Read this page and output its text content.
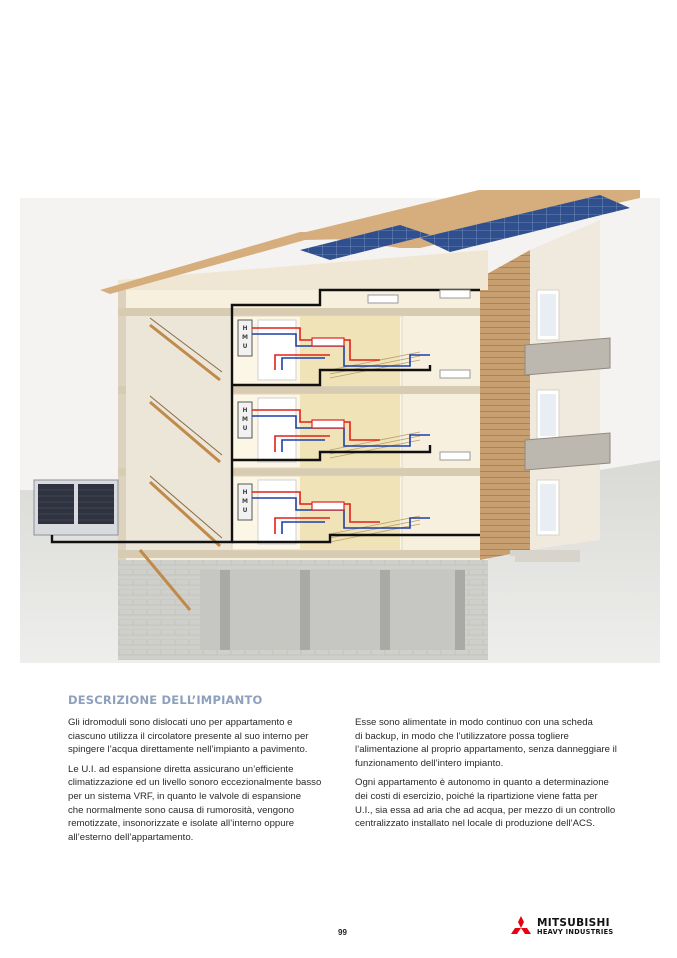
H
M
U
H
M
U
H
M
U
DESCRIZIONE DELL’IMPIANTO

Gli idromoduli sono dislocati uno per appartamento e
ciascuno utilizza il circolatore presente al suo interno per
spingere l’acqua direttamente nell’impianto a pavimento.

Le U.I. ad espansione diretta assicurano un’efficiente
climatizzazione ed un livello sonoro eccezionalmente basso
per un sistema VRF, in quanto le valvole di espansione
che normalmente sono causa di rumorosità, vengono
remotizzate, insonorizzate e isolate all’interno oppure
all’esterno dell’appartamento.

Esse sono alimentate in modo continuo con una scheda
di backup, in modo che l’utilizzatore possa togliere
l’alimentazione al proprio appartamento, senza danneggiare il
funzionamento dell’intero impianto.

Ogni appartamento è autonomo in quanto a determinazione
dei costi di esercizio, poiché la ripartizione viene fatta per
U.I., sia essa ad aria che ad acqua, per mezzo di un controllo
centralizzato installato nel locale di produzione dell’ACS.

99
MITSUBISHI
HEAVY INDUSTRIES
